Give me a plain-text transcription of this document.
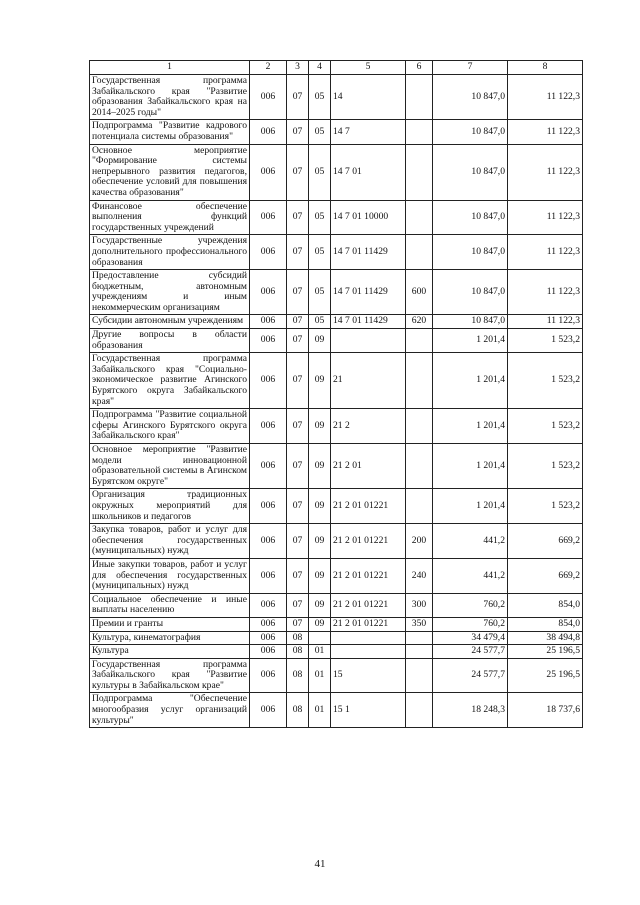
1	2	3	4	5	6	7	8
Государственная программа Забайкальского края "Развитие образования Забайкальского края на 2014–2025 годы"	006	07	05	14		10 847,0	11 122,3
Подпрограмма "Развитие кадрового потенциала системы образования"	006	07	05	14 7		10 847,0	11 122,3
Основное мероприятие "Формирование системы непрерывного развития педагогов, обеспечение условий для повышения качества образования"	006	07	05	14 7 01		10 847,0	11 122,3
Финансовое обеспечение выполнения функций государственных учреждений	006	07	05	14 7 01 10000		10 847,0	11 122,3
Государственные учреждения дополнительного профессионального образования	006	07	05	14 7 01 11429		10 847,0	11 122,3
Предоставление субсидий бюджетным, автономным учреждениям и иным некоммерческим организациям	006	07	05	14 7 01 11429	600	10 847,0	11 122,3
Субсидии автономным учреждениям	006	07	05	14 7 01 11429	620	10 847,0	11 122,3
Другие вопросы в области образования	006	07	09			1 201,4	1 523,2
Государственная программа Забайкальского края "Социально-экономическое развитие Агинского Бурятского округа Забайкальского края"	006	07	09	21		1 201,4	1 523,2
Подпрограмма "Развитие социальной сферы Агинского Бурятского округа Забайкальского края"	006	07	09	21 2		1 201,4	1 523,2
Основное мероприятие "Развитие модели инновационной образовательной системы в Агинском Бурятском округе"	006	07	09	21 2 01		1 201,4	1 523,2
Организация традиционных окружных мероприятий для школьников и педагогов	006	07	09	21 2 01 01221		1 201,4	1 523,2
Закупка товаров, работ и услуг для обеспечения государственных (муниципальных) нужд	006	07	09	21 2 01 01221	200	441,2	669,2
Иные закупки товаров, работ и услуг для обеспечения государственных (муниципальных) нужд	006	07	09	21 2 01 01221	240	441,2	669,2
Социальное обеспечение и иные выплаты населению	006	07	09	21 2 01 01221	300	760,2	854,0
Премии и гранты	006	07	09	21 2 01 01221	350	760,2	854,0
Культура, кинематография	006	08				34 479,4	38 494,8
Культура	006	08	01			24 577,7	25 196,5
Государственная программа Забайкальского края "Развитие культуры в Забайкальском крае"	006	08	01	15		24 577,7	25 196,5
Подпрограмма "Обеспечение многообразия услуг организаций культуры"	006	08	01	15 1		18 248,3	18 737,6
41
